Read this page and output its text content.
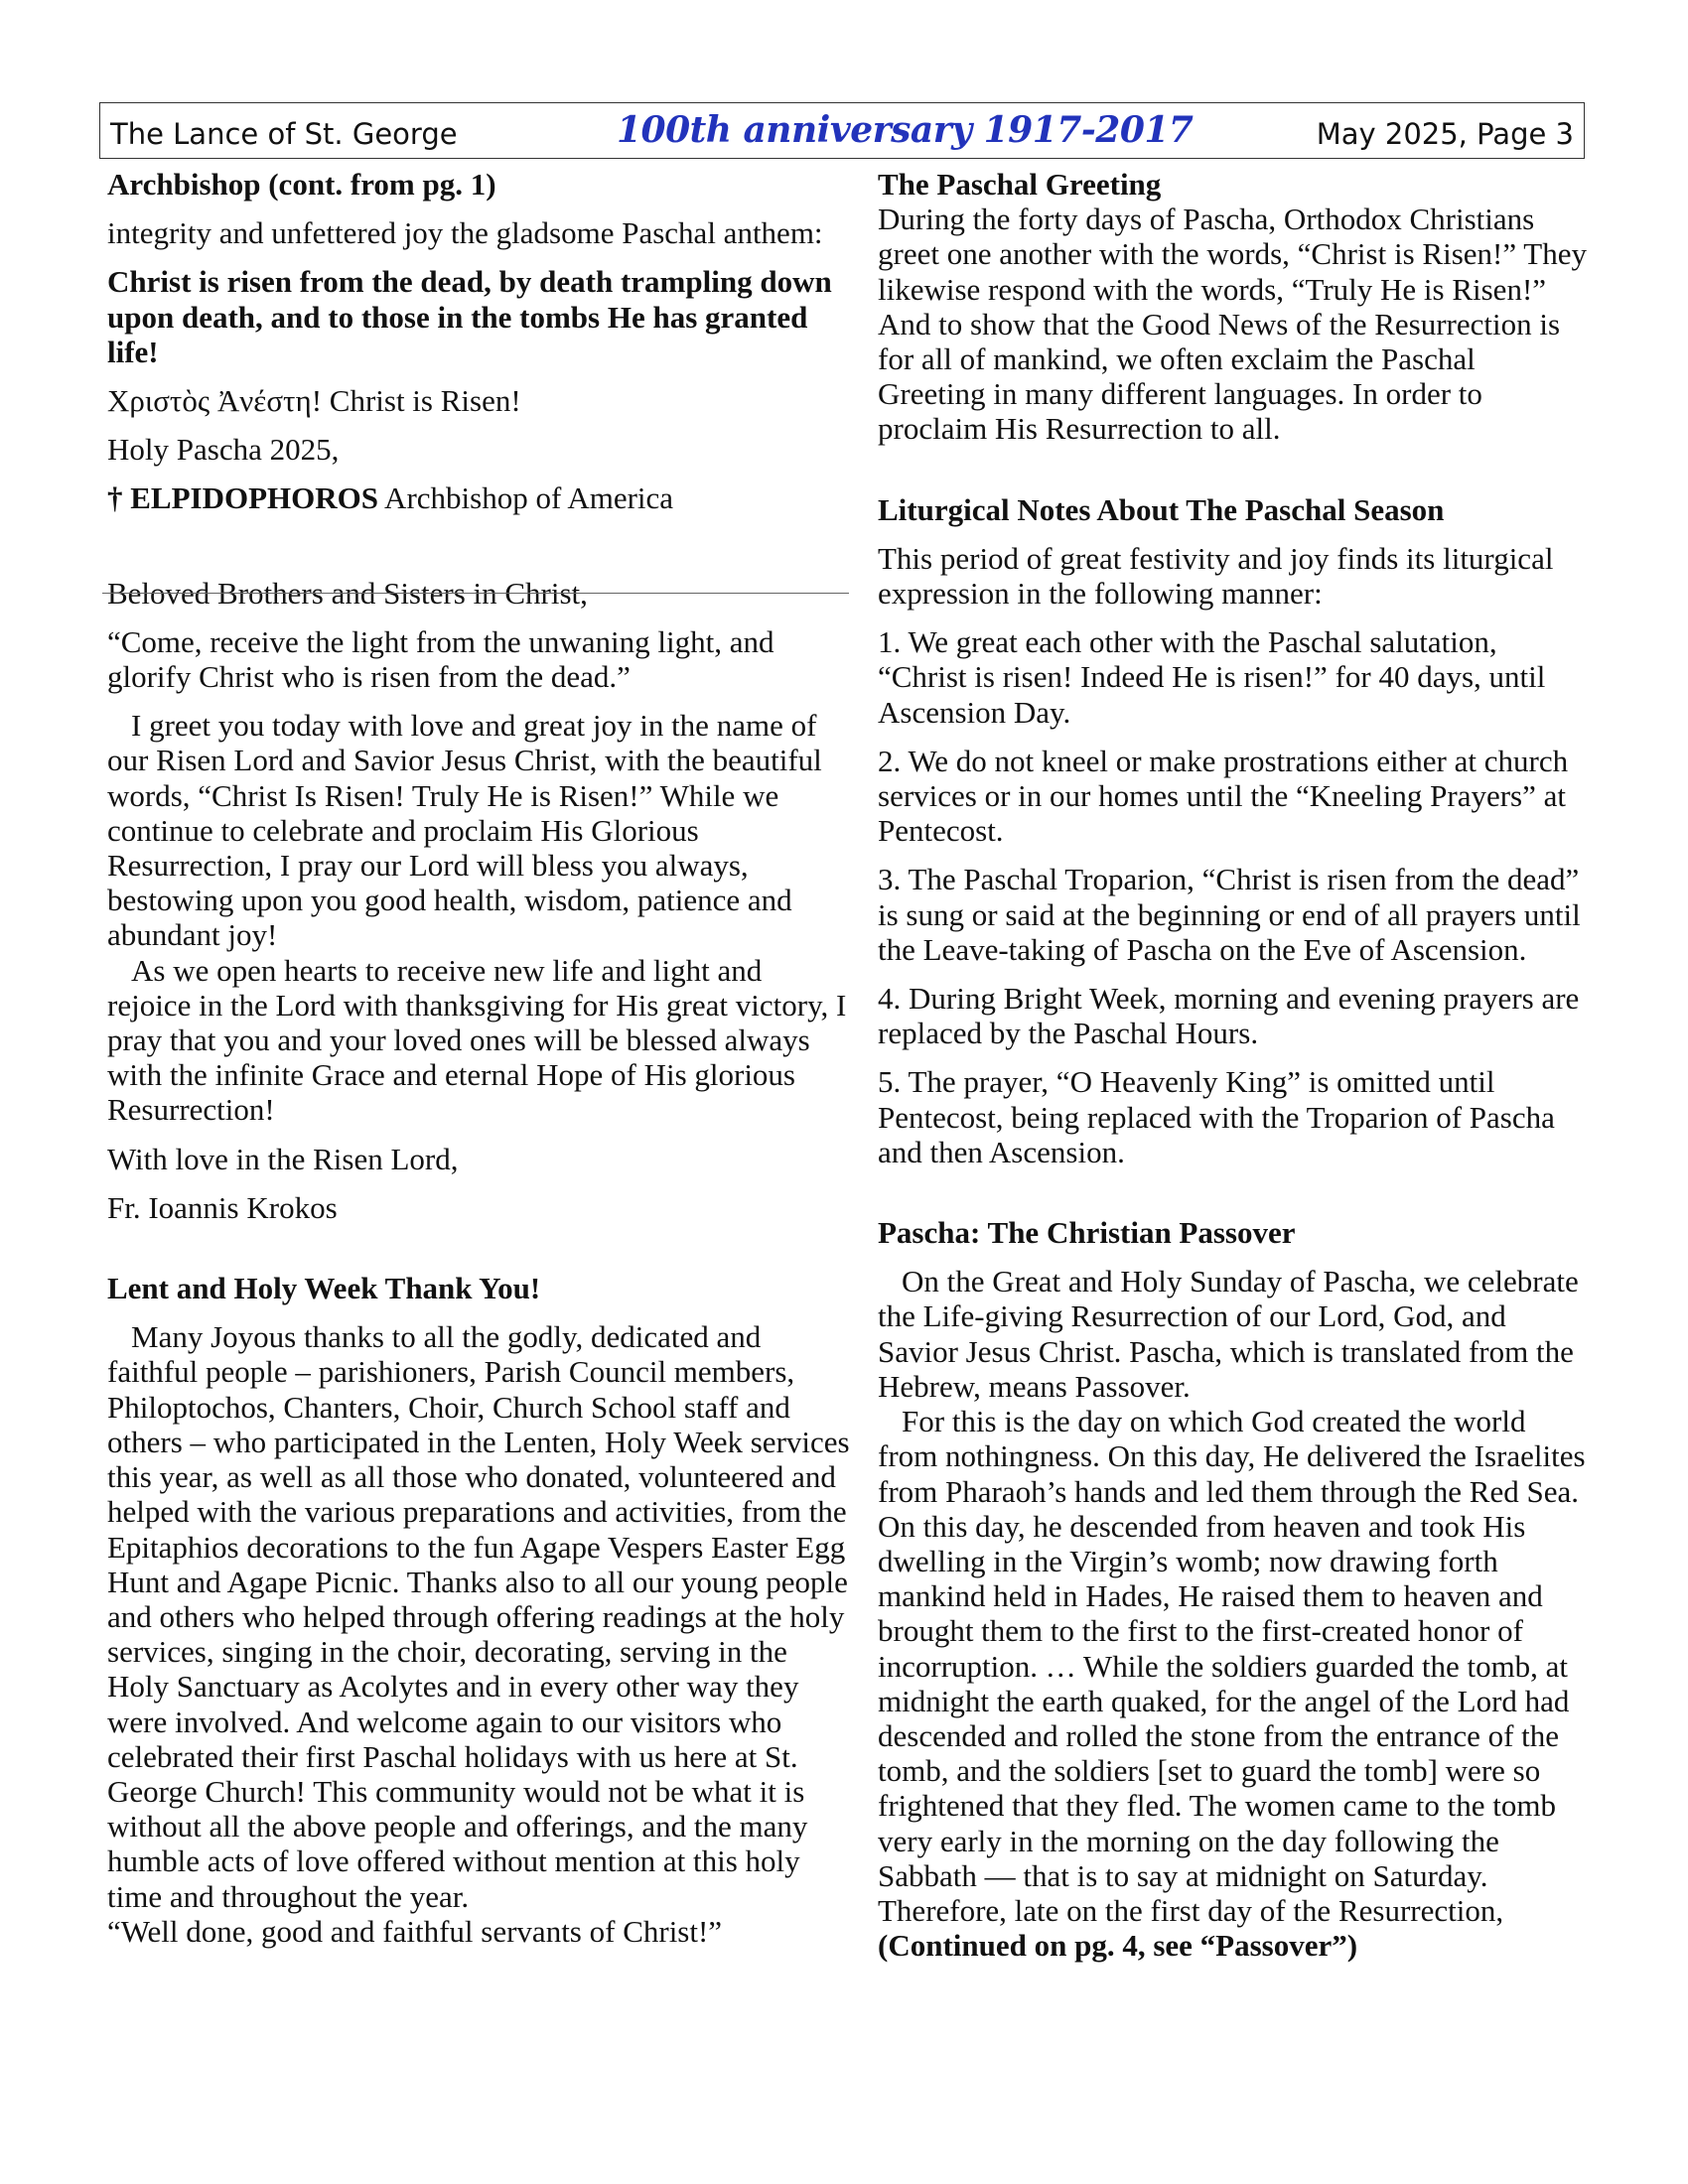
The Lance of St. George	100th anniversary 1917-2017	May 2025, Page 3
Archbishop (cont. from pg. 1)

integrity and unfettered joy the gladsome Paschal anthem:

Christ is risen from the dead, by death trampling down upon death, and to those in the tombs He has granted life!

Χριστὸς Ἀνέστη! Christ is Risen!

Holy Pascha 2025,

† ELPIDOPHOROS Archbishop of America

Beloved Brothers and Sisters in Christ,

“Come, receive the light from the unwaning light, and glorify Christ who is risen from the dead.”

I greet you today with love and great joy in the name of our Risen Lord and Savior Jesus Christ, with the beautiful words, “Christ Is Risen! Truly He is Risen!” While we continue to celebrate and proclaim His Glorious Resurrection, I pray our Lord will bless you always, bestowing upon you good health, wisdom, patience and abundant joy!

As we open hearts to receive new life and light and rejoice in the Lord with thanksgiving for His great victory, I pray that you and your loved ones will be blessed always with the infinite Grace and eternal Hope of His glorious Resurrection!

With love in the Risen Lord,

Fr. Ioannis Krokos

Lent and Holy Week Thank You!

Many Joyous thanks to all the godly, dedicated and faithful people – parishioners, Parish Council members, Philoptochos, Chanters, Choir, Church School staff and others – who participated in the Lenten, Holy Week services this year, as well as all those who donated, volunteered and helped with the various preparations and activities, from the Epitaphios decorations to the fun Agape Vespers Easter Egg Hunt and Agape Picnic. Thanks also to all our young people and others who helped through offering readings at the holy services, singing in the choir, decorating, serving in the Holy Sanctuary as Acolytes and in every other way they were involved. And welcome again to our visitors who celebrated their first Paschal holidays with us here at St. George Church! This community would not be what it is without all the above people and offerings, and the many humble acts of love offered without mention at this holy time and throughout the year.

“Well done, good and faithful servants of Christ!”

The Paschal Greeting

During the forty days of Pascha, Orthodox Christians greet one another with the words, “Christ is Risen!” They likewise respond with the words, “Truly He is Risen!” And to show that the Good News of the Resurrection is for all of mankind, we often exclaim the Paschal Greeting in many different languages. In order to proclaim His Resurrection to all.

Liturgical Notes About The Paschal Season

This period of great festivity and joy finds its liturgical expression in the following manner:

1. We great each other with the Paschal salutation, “Christ is risen! Indeed He is risen!” for 40 days, until Ascension Day.

2. We do not kneel or make prostrations either at church services or in our homes until the “Kneeling Prayers” at Pentecost.

3. The Paschal Troparion, “Christ is risen from the dead” is sung or said at the beginning or end of all prayers until the Leave-taking of Pascha on the Eve of Ascension.

4. During Bright Week, morning and evening prayers are replaced by the Paschal Hours.

5. The prayer, “O Heavenly King” is omitted until Pentecost, being replaced with the Troparion of Pascha and then Ascension.

Pascha: The Christian Passover

On the Great and Holy Sunday of Pascha, we celebrate the Life-giving Resurrection of our Lord, God, and Savior Jesus Christ. Pascha, which is translated from the Hebrew, means Passover.

For this is the day on which God created the world from nothingness. On this day, He delivered the Israelites from Pharaoh’s hands and led them through the Red Sea. On this day, he descended from heaven and took His dwelling in the Virgin’s womb; now drawing forth mankind held in Hades, He raised them to heaven and brought them to the first to the first-created honor of incorruption. … While the soldiers guarded the tomb, at midnight the earth quaked, for the angel of the Lord had descended and rolled the stone from the entrance of the tomb, and the soldiers [set to guard the tomb] were so frightened that they fled. The women came to the tomb very early in the morning on the day following the Sabbath — that is to say at midnight on Saturday. Therefore, late on the first day of the Resurrection,

(Continued on pg. 4, see “Passover”)
